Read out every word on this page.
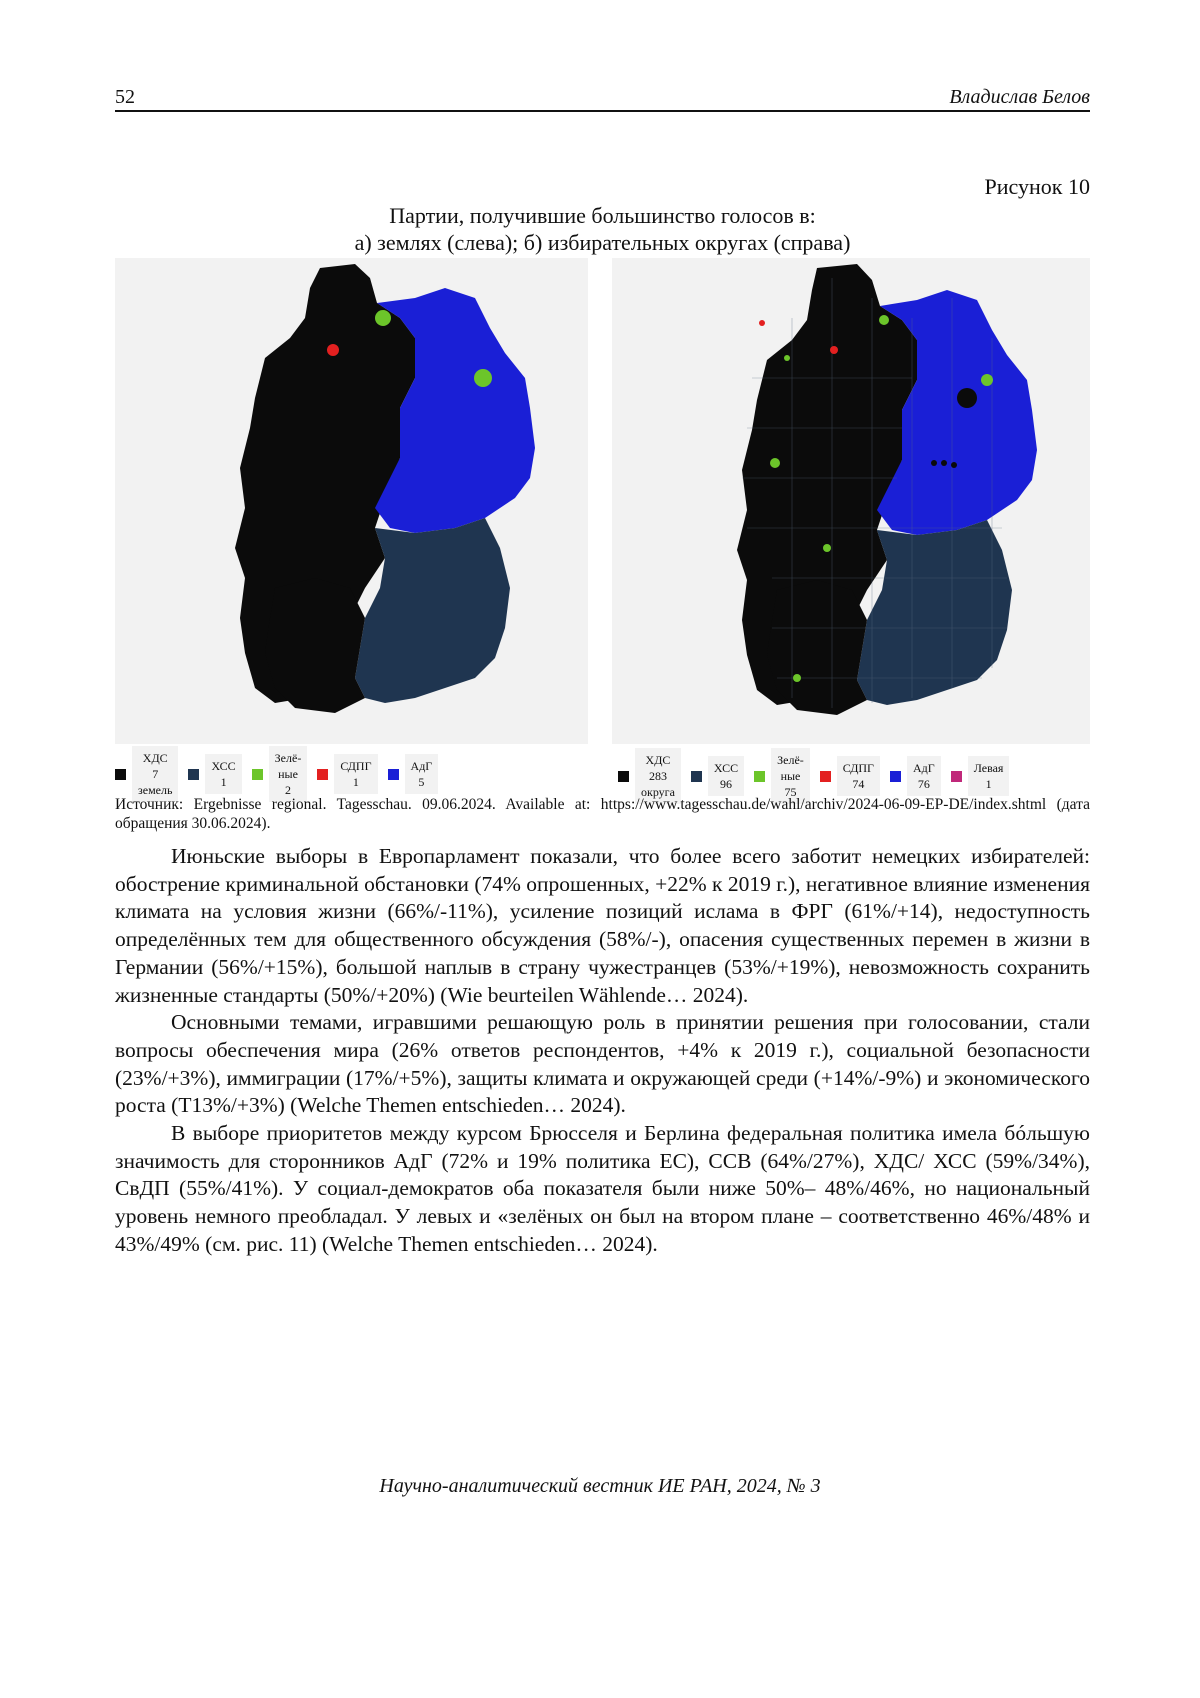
52	Владислав Белов
Рисунок 10
Партии, получившие большинство голосов в:
а) землях (слева); б) избирательных округах (справа)
ХДС
7
земель
ХСС
1
Зелё-
ные
2
СДПГ
1
АдГ
5
ХДС
283
округа
ХСС
96
Зелё-
ные
75
СДПГ
74
АдГ
76
Левая
1
Источник: Ergebnisse regional. Tagesschau. 09.06.2024. Available at: https://www.tagesschau.de/wahl/archiv/2024-06-09-EP-DE/index.shtml (дата обращения 30.06.2024).

Июньские выборы в Европарламент показали, что более всего заботит немецких избирателей: обострение криминальной обстановки (74% опрошенных, +22% к 2019 г.), негативное влияние изменения климата на условия жизни (66%/-11%), усиление позиций ислама в ФРГ (61%/+14), недоступность определённых тем для общественного обсуждения (58%/-), опасения существенных перемен в жизни в Германии (56%/+15%), большой наплыв в страну чужестранцев (53%/+19%), невозможность сохранить жизненные стандарты (50%/+20%) (Wie beurteilen Wählende… 2024).

Основными темами, игравшими решающую роль в принятии решения при голосовании, стали вопросы обеспечения мира (26% ответов респондентов, +4% к 2019 г.), социальной безопасности (23%/+3%), иммиграции (17%/+5%), защиты климата и окружающей среди (+14%/-9%) и экономического роста (Т13%/+3%) (Welche Themen entschieden… 2024).

В выборе приоритетов между курсом Брюсселя и Берлина федеральная политика имела бóльшую значимость для сторонников АдГ (72% и 19% политика ЕС), ССВ (64%/27%), ХДС/ ХСС (59%/34%), СвДП (55%/41%). У социал-демократов оба показателя были ниже 50%– 48%/46%, но национальный уровень немного преобладал. У левых и «зелёных он был на втором плане – соответственно 46%/48% и 43%/49% (см. рис. 11) (Welche Themen entschieden… 2024).

Научно-аналитический вестник ИЕ РАН, 2024, № 3
